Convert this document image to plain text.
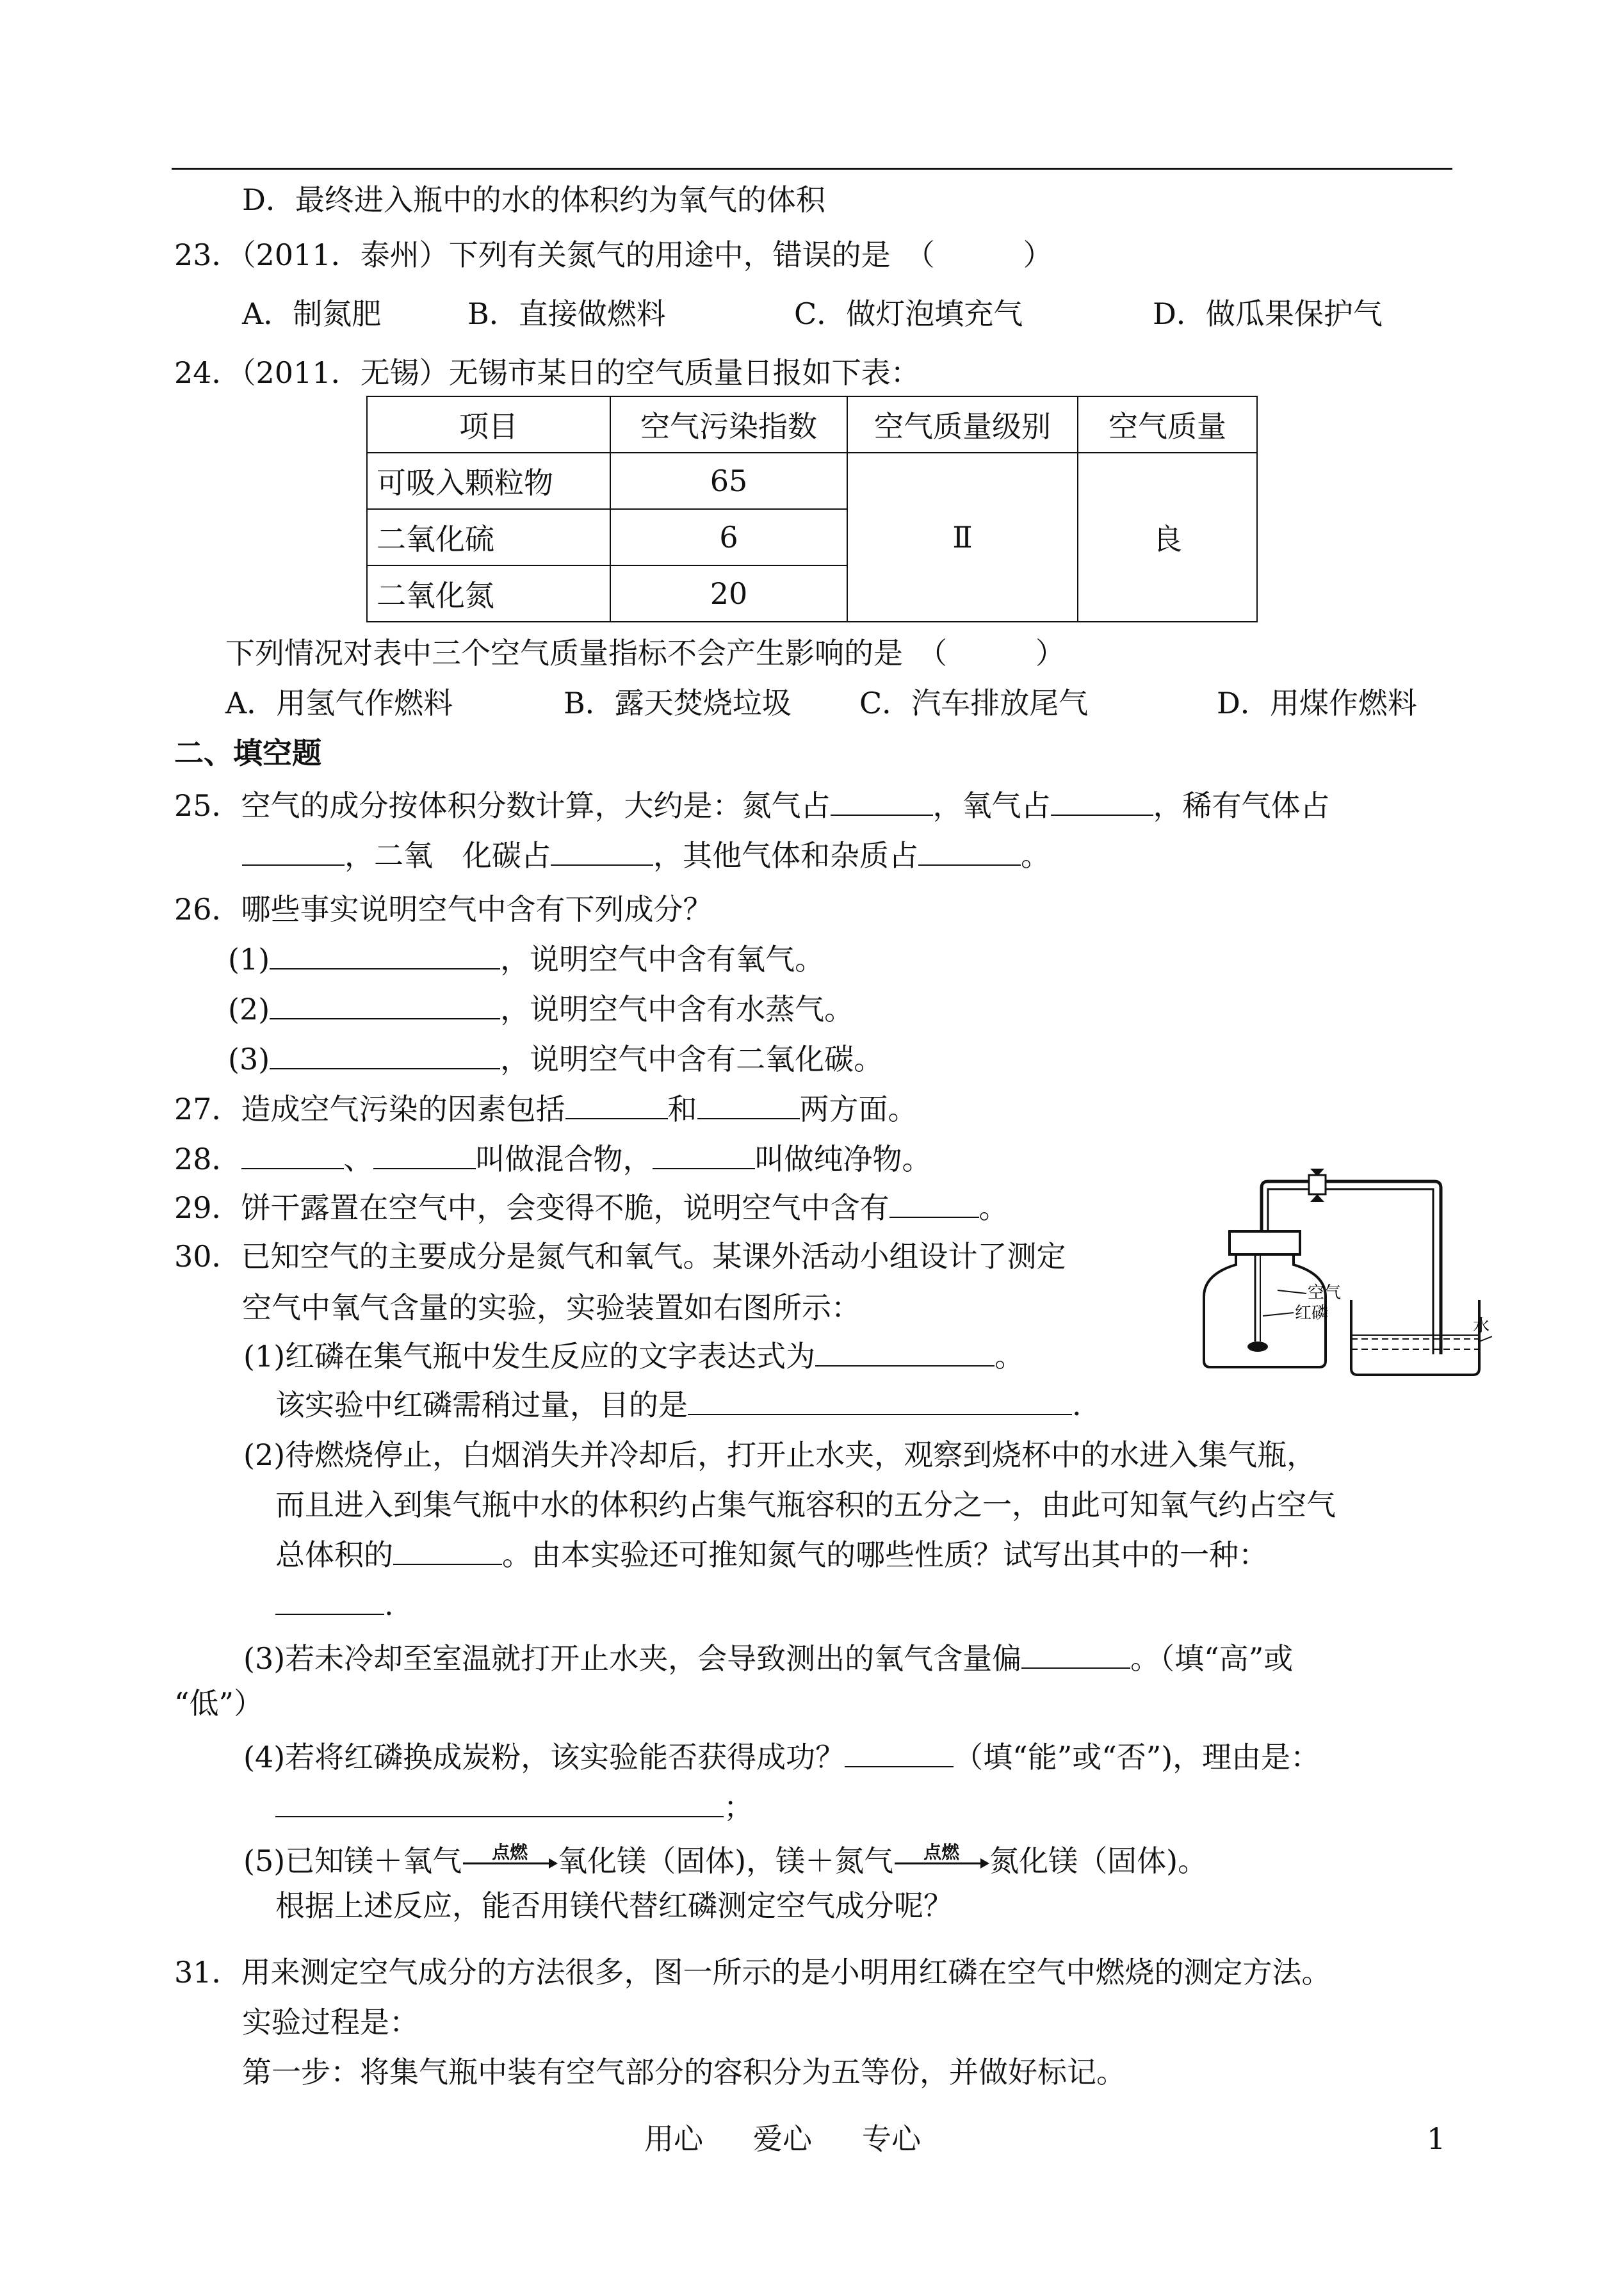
D．最终进入瓶中的水的体积约为氧气的体积
23．（2011．泰州）下列有关氮气的用途中，错误的是　（　　　）
A．制氮肥	B．直接做燃料	C．做灯泡填充气	D．做瓜果保护气
24．（2011．无锡）无锡市某日的空气质量日报如下表：
项目	空气污染指数	空气质量级别	空气质量
可吸入颗粒物	65	Ⅱ	良
二氧化硫	6		
二氧化氮	20		
下列情况对表中三个空气质量指标不会产生影响的是　（　　　）
A．用氢气作燃料	B．露天焚烧垃圾 C．汽车排放尾气	D．用煤作燃料
二、填空题
25．空气的成分按体积分数计算，大约是：氮气占	，氧气占	，稀有气体占
，二氧　化碳占	，其他气体和杂质占	。
26．哪些事实说明空气中含有下列成分？
(1)	，说明空气中含有氧气。
(2)	，说明空气中含有水蒸气。
(3)	，说明空气中含有二氧化碳。
27．造成空气污染的因素包括	和	两方面。
28．	、	叫做混合物，	叫做纯净物。
29．饼干露置在空气中，会变得不脆，说明空气中含有	。
30．已知空气的主要成分是氮气和氧气。某课外活动小组设计了测定
空气中氧气含量的实验，实验装置如右图所示：
(1)红磷在集气瓶中发生反应的文字表达式为	。
该实验中红磷需稍过量，目的是	.
(2)待燃烧停止，白烟消失并冷却后，打开止水夹，观察到烧杯中的水进入集气瓶，
而且进入到集气瓶中水的体积约占集气瓶容积的五分之一，由此可知氧气约占空气
总体积的	。由本实验还可推知氮气的哪些性质？试写出其中的一种：
.
(3)若未冷却至室温就打开止水夹，会导致测出的氧气含量偏	。（填“高”或
“低”）
(4)若将红磷换成炭粉，该实验能否获得成功？	（填“能”或“否”)，理由是：
；
(5)已知镁＋氧气	点燃	氧化镁（固体)，镁＋氮气	点燃	氮化镁（固体)。
根据上述反应，能否用镁代替红磷测定空气成分呢？
空气
红磷
水
31．用来测定空气成分的方法很多，图一所示的是小明用红磷在空气中燃烧的测定方法。
实验过程是：
第一步：将集气瓶中装有空气部分的容积分为五等份，并做好标记。
用心 爱心 专心	1
